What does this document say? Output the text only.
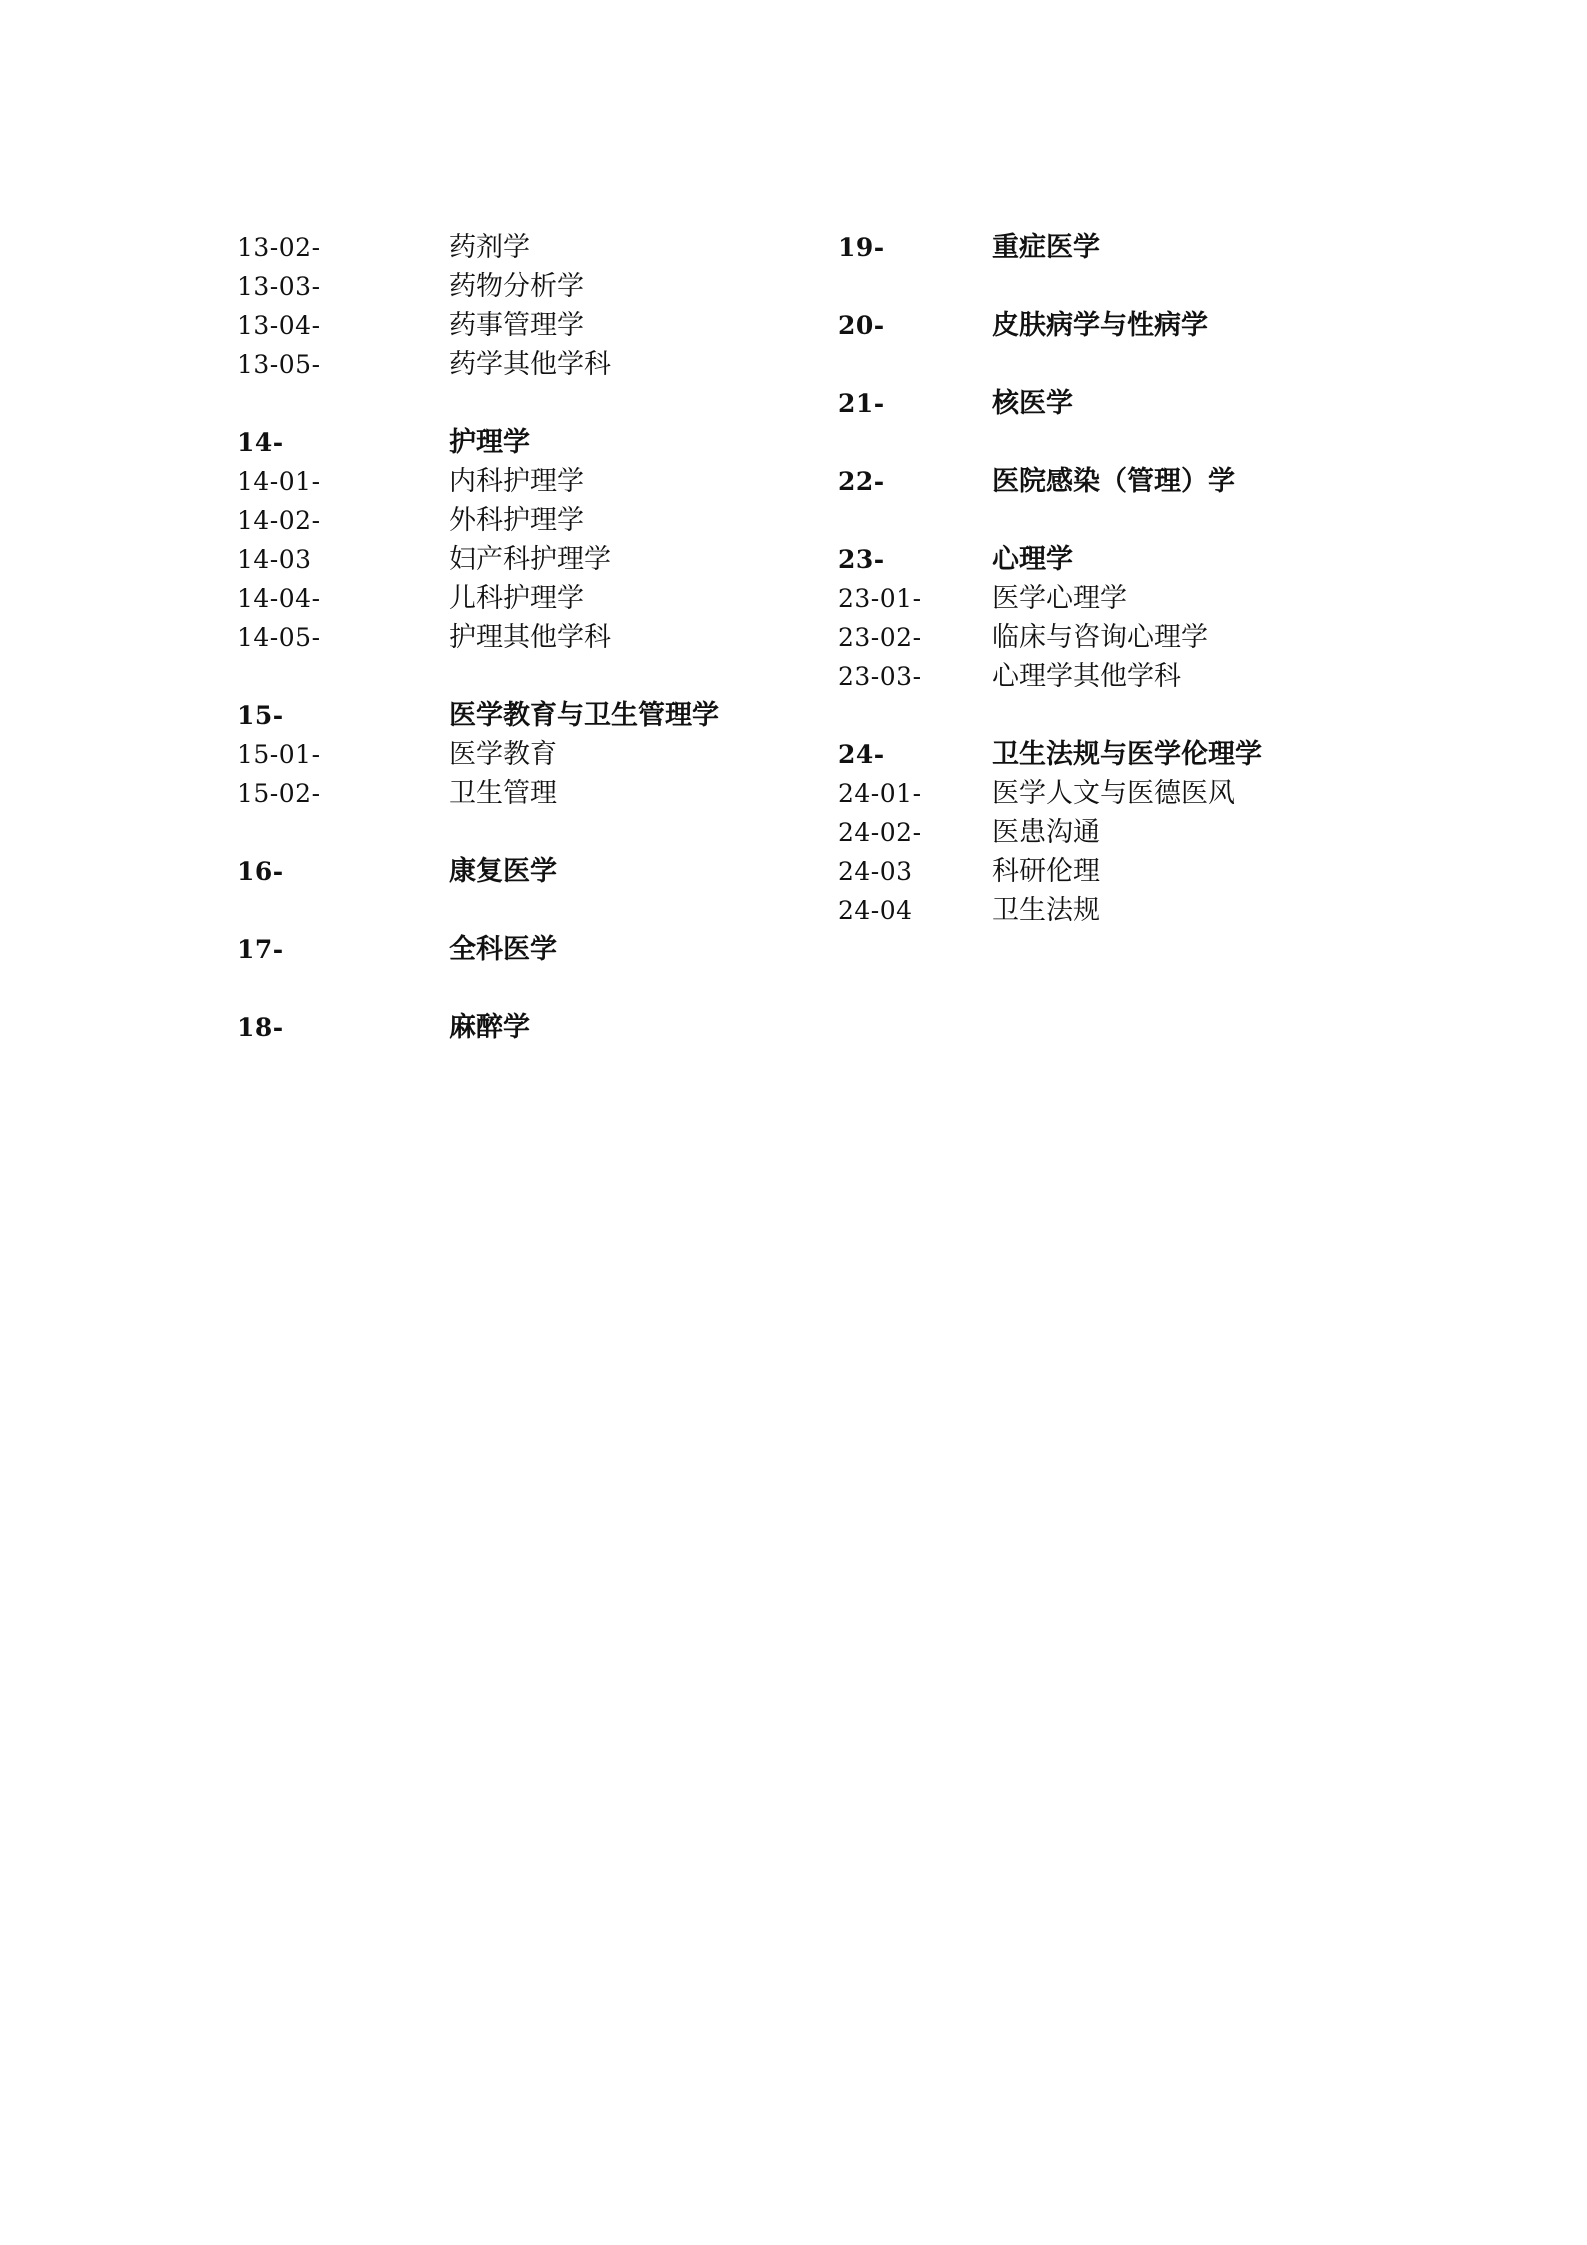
13-02-	药剂学
13-03-	药物分析学
13-04-	药事管理学
13-05-	药学其他学科
14-	护理学
14-01-	内科护理学
14-02-	外科护理学
14-03	妇产科护理学
14-04-	儿科护理学
14-05-	护理其他学科
15-	医学教育与卫生管理学
15-01-	医学教育
15-02-	卫生管理
16-	康复医学
17-	全科医学
18-	麻醉学
19-	重症医学
20-	皮肤病学与性病学
21-	核医学
22-	医院感染（管理）学
23-	心理学
23-01-	医学心理学
23-02-	临床与咨询心理学
23-03-	心理学其他学科
24-	卫生法规与医学伦理学
24-01-	医学人文与医德医风
24-02-	医患沟通
24-03	科研伦理
24-04	卫生法规
